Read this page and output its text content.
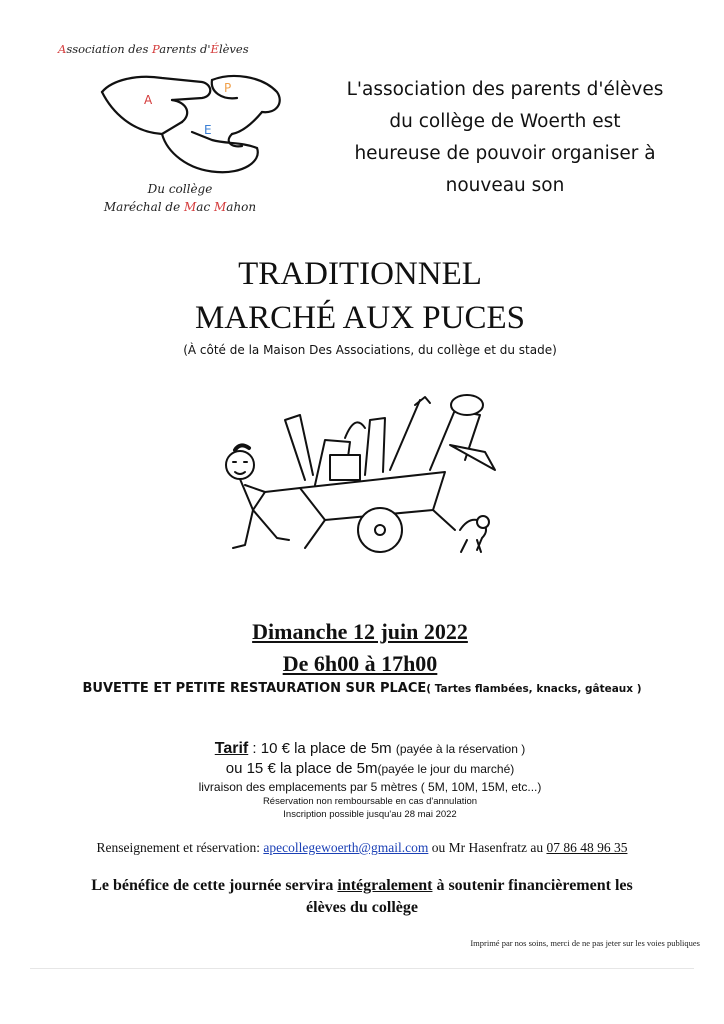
Association des Parents d'Élèves
A
P
E
Du collège
Maréchal de Mac Mahon
L'association des parents d'élèves
du collège de Woerth est
heureuse de pouvoir organiser à
nouveau son
TRADITIONNEL
MARCHÉ AUX PUCES
(À côté de la Maison Des Associations, du collège et du stade)
Dimanche 12 juin 2022
De 6h00 à 17h00
BUVETTE ET PETITE RESTAURATION SUR PLACE( Tartes flambées, knacks, gâteaux )
Tarif : 10 € la place de 5m (payée à la réservation )
ou 15 € la place de 5m(payée le jour du marché)
livraison des emplacements par 5 mètres ( 5M, 10M, 15M, etc...)
Réservation non remboursable en cas d'annulation
Inscription possible jusqu'au 28 mai 2022
Renseignement et réservation: apecollegewoerth@gmail.com ou Mr Hasenfratz au 07 86 48 96 35
Le bénéfice de cette journée servira intégralement à soutenir financièrement les
élèves du collège
Imprimé par nos soins, merci de ne pas jeter sur les voies publiques
